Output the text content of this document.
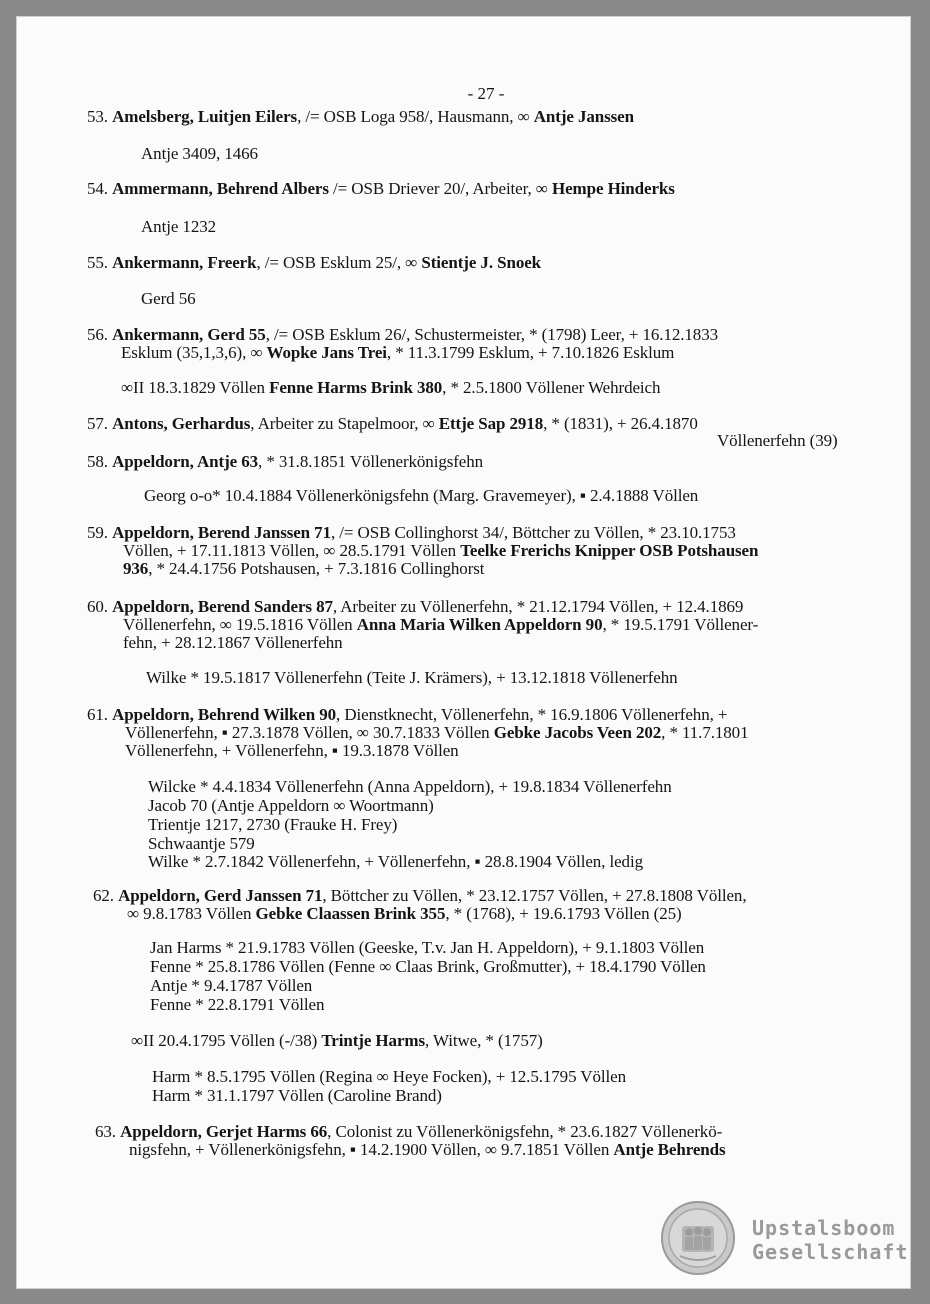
- 27 -
53. Amelsberg, Luitjen Eilers, /= OSB Loga 958/, Hausmann, ∞ Antje Janssen
Antje 3409, 1466
54. Ammermann, Behrend Albers /= OSB Driever 20/, Arbeiter, ∞ Hempe Hinderks
Antje 1232
55. Ankermann, Freerk, /= OSB Esklum 25/, ∞ Stientje J. Snoek
Gerd 56
56. Ankermann, Gerd 55, /= OSB Esklum 26/, Schustermeister, * (1798) Leer, + 16.12.1833
Esklum (35,1,3,6), ∞ Wopke Jans Trei, * 11.3.1799 Esklum, + 7.10.1826 Esklum
∞II 18.3.1829 Völlen Fenne Harms Brink 380, * 2.5.1800 Völlener Wehrdeich
57. Antons, Gerhardus, Arbeiter zu Stapelmoor, ∞ Ettje Sap 2918, * (1831), + 26.4.1870
Völlenerfehn (39)
58. Appeldorn, Antje 63, * 31.8.1851 Völlenerkönigsfehn
Georg o-o* 10.4.1884 Völlenerkönigsfehn (Marg. Gravemeyer), ▪ 2.4.1888 Völlen
59. Appeldorn, Berend Janssen 71, /= OSB Collinghorst 34/, Böttcher zu Völlen, * 23.10.1753
Völlen, + 17.11.1813 Völlen, ∞ 28.5.1791 Völlen Teelke Frerichs Knipper OSB Potshausen
936, * 24.4.1756 Potshausen, + 7.3.1816 Collinghorst
60. Appeldorn, Berend Sanders 87, Arbeiter zu Völlenerfehn, * 21.12.1794 Völlen, + 12.4.1869
Völlenerfehn, ∞ 19.5.1816 Völlen Anna Maria Wilken Appeldorn 90, * 19.5.1791 Völlener-
fehn, + 28.12.1867 Völlenerfehn
Wilke * 19.5.1817 Völlenerfehn (Teite J. Krämers), + 13.12.1818 Völlenerfehn
61. Appeldorn, Behrend Wilken 90, Dienstknecht, Völlenerfehn, * 16.9.1806 Völlenerfehn, +
Völlenerfehn, ▪ 27.3.1878 Völlen, ∞ 30.7.1833 Völlen Gebke Jacobs Veen 202, * 11.7.1801
Völlenerfehn, + Völlenerfehn, ▪ 19.3.1878 Völlen
Wilcke * 4.4.1834 Völlenerfehn (Anna Appeldorn), + 19.8.1834 Völlenerfehn
Jacob 70 (Antje Appeldorn ∞ Woortmann)
Trientje 1217, 2730 (Frauke H. Frey)
Schwaantje 579
Wilke * 2.7.1842 Völlenerfehn, + Völlenerfehn, ▪ 28.8.1904 Völlen, ledig
62. Appeldorn, Gerd Janssen 71, Böttcher zu Völlen, * 23.12.1757 Völlen, + 27.8.1808 Völlen,
∞ 9.8.1783 Völlen Gebke Claassen Brink 355, * (1768), + 19.6.1793 Völlen (25)
Jan Harms * 21.9.1783 Völlen (Geeske, T.v. Jan H. Appeldorn), + 9.1.1803 Völlen
Fenne * 25.8.1786 Völlen (Fenne ∞ Claas Brink, Großmutter), + 18.4.1790 Völlen
Antje * 9.4.1787 Völlen
Fenne * 22.8.1791 Völlen
∞II 20.4.1795 Völlen (-/38) Trintje Harms, Witwe, * (1757)
Harm * 8.5.1795 Völlen (Regina ∞ Heye Focken), + 12.5.1795 Völlen
Harm * 31.1.1797 Völlen (Caroline Brand)
63. Appeldorn, Gerjet Harms 66, Colonist zu Völlenerkönigsfehn, * 23.6.1827 Völlenerkö-
nigsfehn, + Völlenerkönigsfehn, ▪ 14.2.1900 Völlen, ∞ 9.7.1851 Völlen Antje Behrends
Upstalsboom
Gesellschaft
